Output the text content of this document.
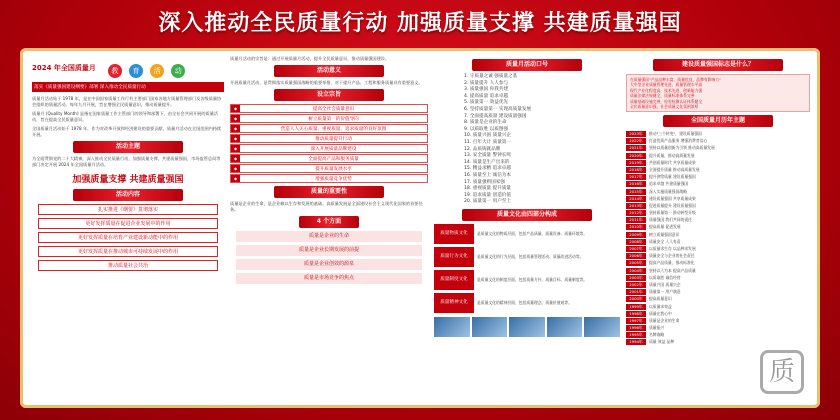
深入推动全民质量行动 加强质量支撑 共建质量强国
2024 年全国质量月	教 育 活 动
落实《质量强国建设纲要》部署 深入推动全民质量行动
质量月活动始于 1978 年，是在中国国家质量工作行有主要部门国家各地方质量管理部门及各级质量协会组织的质量活动。每年九月开展，旨在增强全民质量意识，推动质量提升。
质量月 (Quality Month) 是指在国家质量工作主管部门的领导和部署下，由全社会共同开展的质量活动，旨在提高全民质量意识。
全国质量月活动始于 1978 年，作为对改革开放和经济建设的重要贡献，质量月活动在全国范围内持续开展。
活动主题
为全面贯彻党的二十大精神，深入推动全民质量行动，加强质量支撑，共建质量强国，市场监管总局等部门决定开展 2024 年全国质量月活动。
加强质量支撑 共建质量强国
活动内容
扎实推进《纲要》贯彻落实
更好发挥质量在促进企业发展中的作用
更好发挥质量在培育产业建设新动能中的作用
更好发挥质量在推动城市可持续发展中的作用
推动质量社会共治
质量月活动的宗旨是：通过开展质量月活动，提升全民质量意识，推动质量强国建设。
活动意义
开展质量月活动，是贯彻落实质量强国战略的重要举措，对于提升产品、工程和服务质量具有重要意义。
设立宗旨
◆	提高全社会质量意识
◆	树立质量第一的价值导向
◆	营造人人关心质量、重视质量、追求质量的良好氛围
◆	推动质量提升行动
◆	深入开展质量品牌建设
◆	全面提高产品和服务质量
◆	提升质量发展水平
◆	增强质量竞争优势
质量的重要性
质量是企业的生命，是企业赖以生存和发展的基础。高质量发展是全面建设社会主义现代化国家的首要任务。
4 个方面
质量是企业的生命
质量是企业长期发展的前提
质量是企业创效的源泉
质量是市场竞争的焦点
质量月活动口号
1. 守质量之诚 强质量之基
2. 质量提升 人人参与
3. 质量强国 你我共建
4. 提高质量 追求卓越
5. 质量第一 效益优先
6. 坚持质量第一 实现高质量发展
7. 全面提高质量 建设质量强国
8. 质量是企业的生命
9. 以质取胜 以质图强
10. 质量兴国 质量兴企
11. 百年大计 质量第一
12. 品质铸就品牌
13. 安全质量 警钟长鸣
14. 质量是生产出来的
15. 精益求精 追求卓越
16. 质量至上 诚信为本
17. 质量强则国家强
18. 重视质量 提升质量
19. 追求质量 创造价值
20. 质量第一 用户至上
质量文化由四部分构成
质量物质文化	是质量文化的物质层面，包括产品质量、质量设备、质量环境等。
质量行为文化	是质量文化的行为层面，包括质量管理活动、质量改进活动等。
质量制度文化	是质量文化的制度层面，包括质量方针、质量目标、质量制度等。
质量精神文化	是质量文化的精神层面，包括质量理念、质量价值观等。
建设质量强国标志是什么？
在质量强国"产品品种丰富，质量优良，品牌有影响力"
大中型企业质量管理先进，质量管理水平高
现代产业化程度高，技术先进，创新能力强
质量法律法规健全，质量标准体系完善
质量基础设施完善，检验检测认证体系健全
全民质量意识强，社会质量文化氛围浓厚
全国质量月历年主题
2023年	推动"三个转变"，建设质量强国
2022年	打造优质产品服务 增强消费者信心
2021年	坚持以质量创新为引领 推动高质量发展
2020年	提升质量，推动高质量发展
2019年	共创质量时代 共享质量成果
2018年	全面提升质量 推动高质量发展
2017年	提升供给质量 建设质量强国
2016年	追求卓越 共建质量强国
2015年	深入实施质量强国战略
2014年	建设质量强国 共享质量成果
2013年	促进质量提升 建设质量强国
2012年	坚持质量第一 推动转型升级
2011年	质量强国 我们共同的责任
2010年	提高质量 促进发展
2009年	树立质量强国意识
2008年	质量安全 人人有责
2007年	以质量求生存 以品种求发展
2006年	质量安全与企业的社会责任
2005年	提高产品质量，推动标准化
2004年	坚持以人为本 提高产品质量
2003年	以质取胜 诚信经营
2002年	质量兴国 质量兴企
2001年	质量第一 用户满意
2000年	提高质量意识
1999年	以质量求效益
1998年	质量在我心中
1997年	质量是企业的生命
1996年	质量振兴
1995年	名牌战略
1994年	质量 效益 品种
质
